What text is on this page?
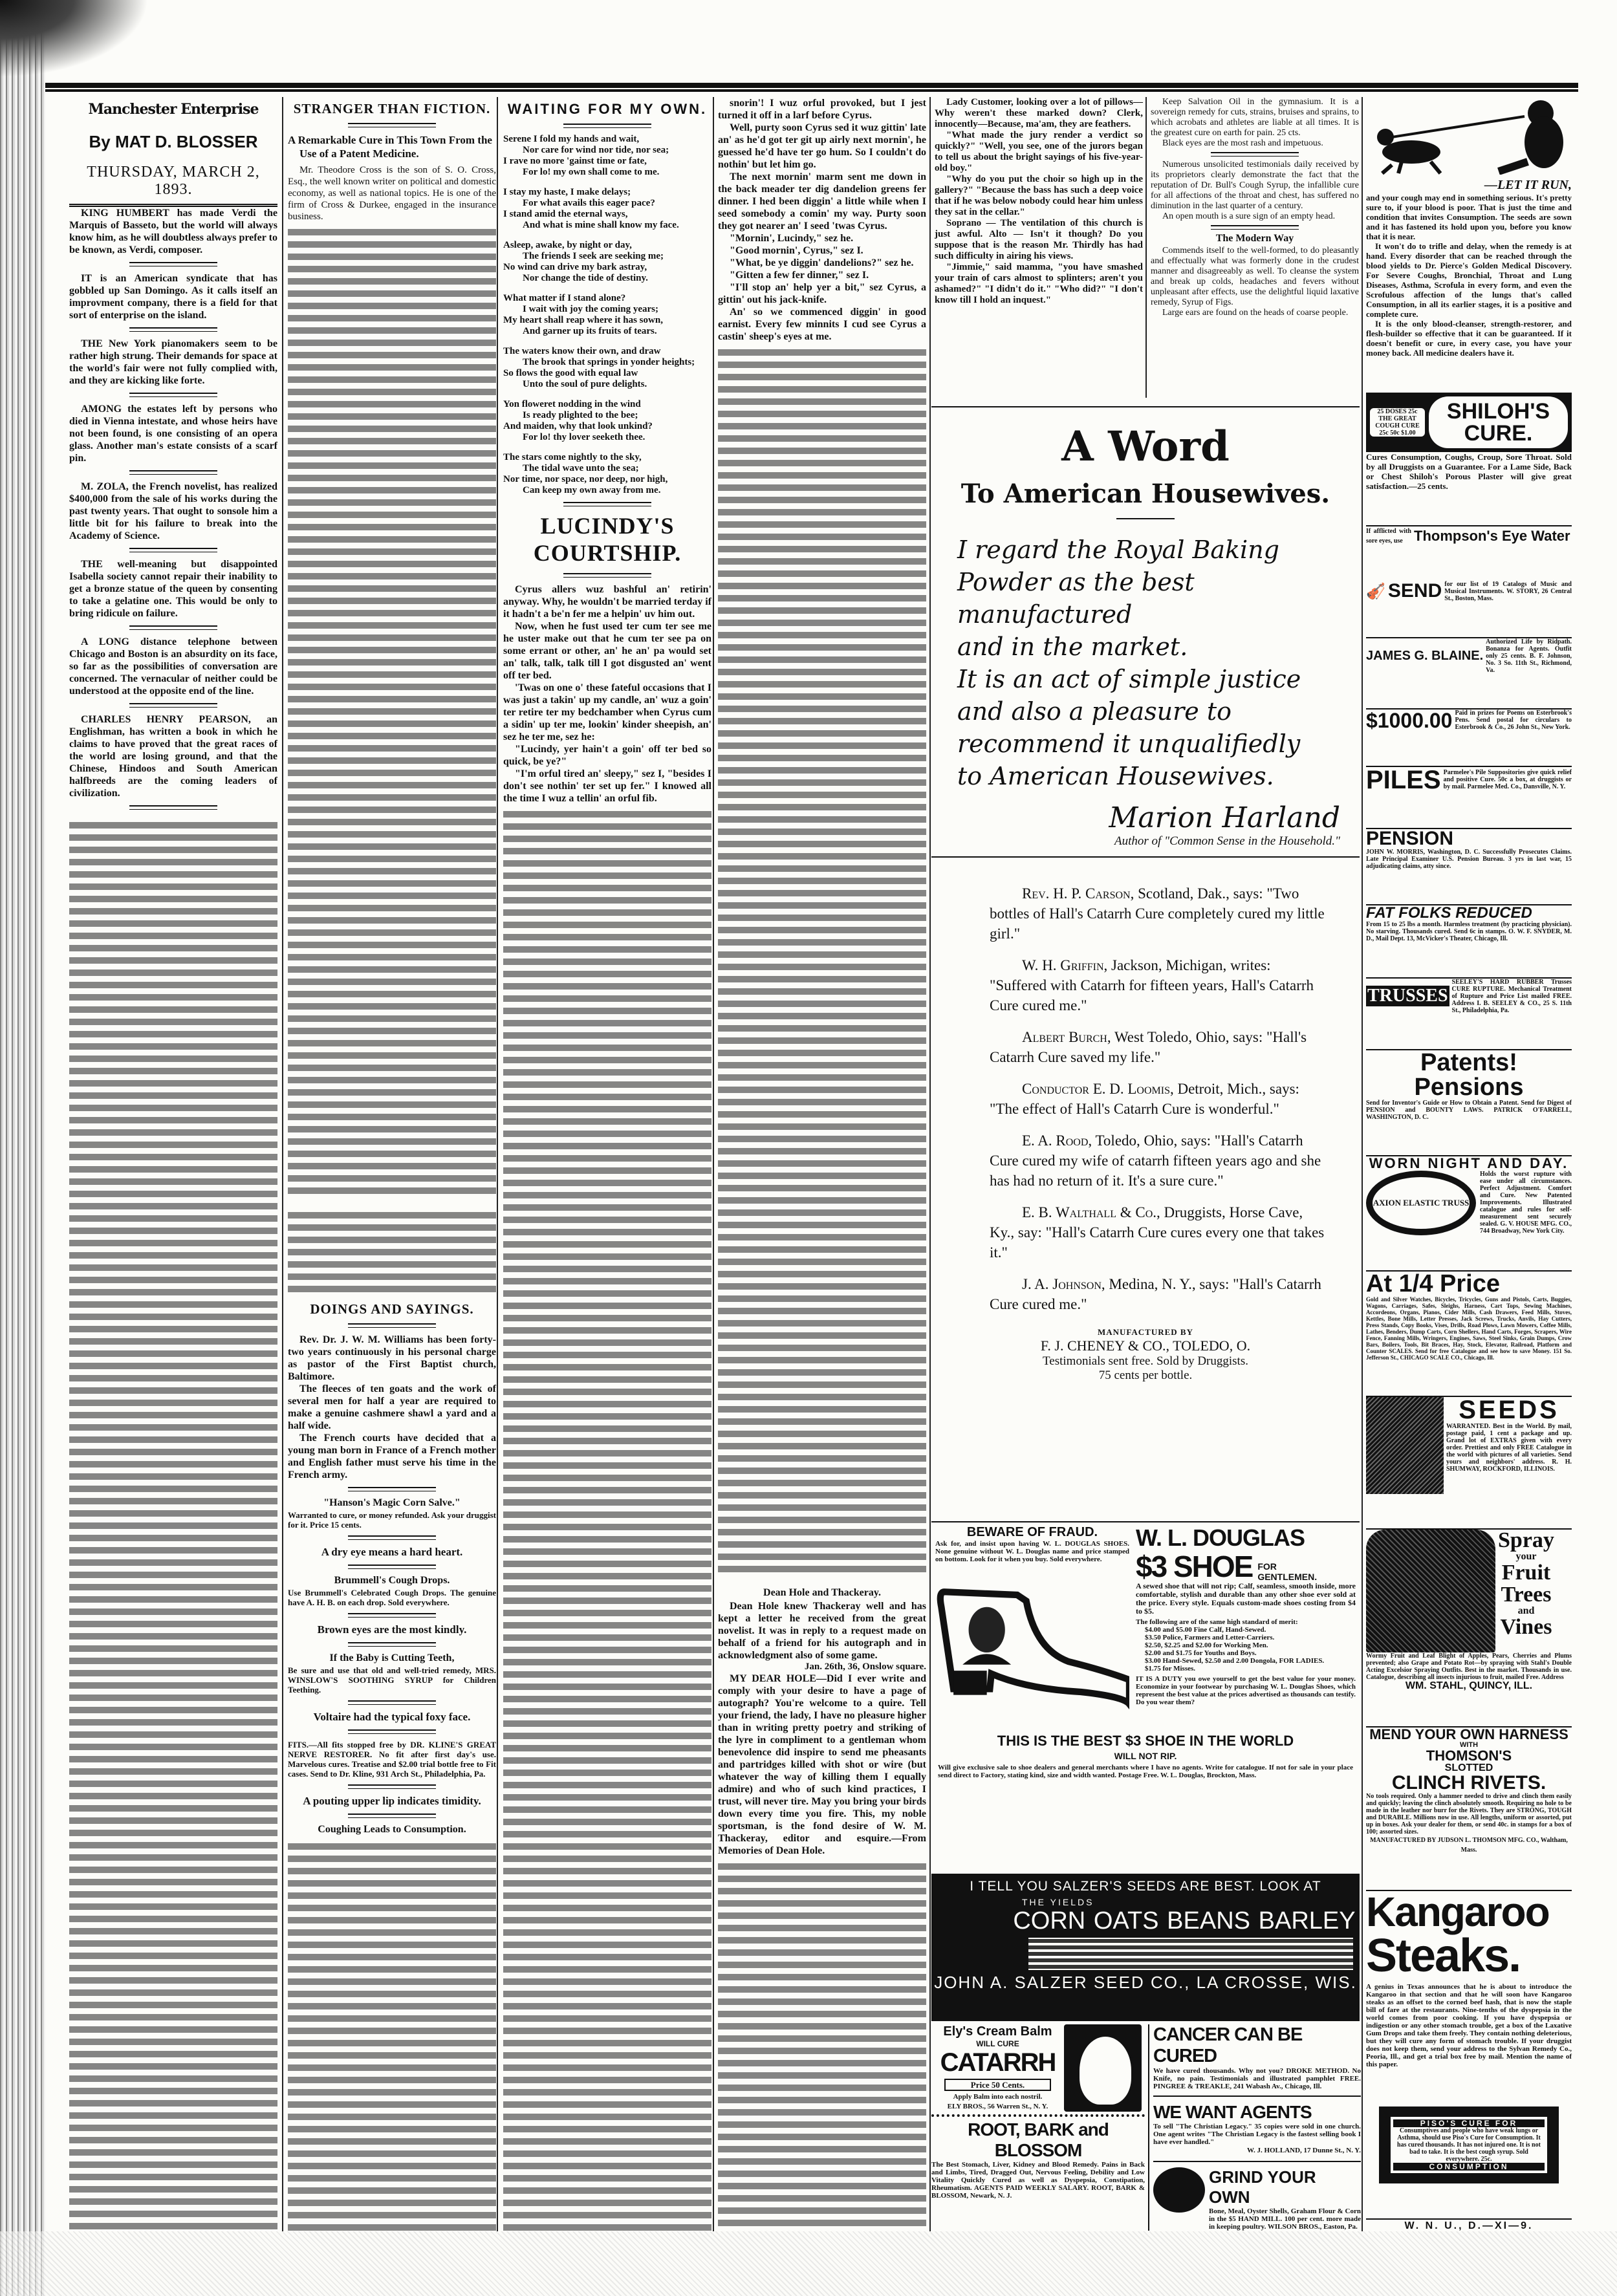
Manchester Enterprise
By MAT D. BLOSSER
THURSDAY, MARCH 2, 1893.
KING HUMBERT has made Verdi the Marquis of Basseto, but the world will always know him, as he will doubtless always prefer to be known, as Verdi, composer.
IT is an American syndicate that has gobbled up San Domingo. As it calls itself an improvment company, there is a field for that sort of enterprise on the island.
THE New York pianomakers seem to be rather high strung. Their demands for space at the world's fair were not fully complied with, and they are kicking like forte.
AMONG the estates left by persons who died in Vienna intestate, and whose heirs have not been found, is one consisting of an opera glass. Another man's estate consists of a scarf pin.
M. ZOLA, the French novelist, has realized $400,000 from the sale of his works during the past twenty years. That ought to sonsole him a little bit for his failure to break into the Academy of Science.
THE well-meaning but disappointed Isabella society cannot repair their inability to get a bronze statue of the queen by consenting to take a gelatine one. This would be only to bring ridicule on failure.
A LONG distance telephone between Chicago and Boston is an absurdity on its face, so far as the possibilities of conversation are concerned. The vernacular of neither could be understood at the opposite end of the line.
CHARLES HENRY PEARSON, an Englishman, has written a book in which he claims to have proved that the great races of the world are losing ground, and that the Chinese, Hindoos and South American halfbreeds are the coming leaders of civilization.
STRANGER THAN FICTION.
A Remarkable Cure in This Town From the Use of a Patent Medicine.
Mr. Theodore Cross is the son of S. O. Cross, Esq., the well known writer on political and domestic economy, as well as national topics. He is one of the firm of Cross & Durkee, engaged in the insurance business.
DOINGS AND SAYINGS.
Rev. Dr. J. W. M. Williams has been forty-two years continuously in his personal charge as pastor of the First Baptist church, Baltimore.
The fleeces of ten goats and the work of several men for half a year are required to make a genuine cashmere shawl a yard and a half wide.
The French courts have decided that a young man born in France of a French mother and English father must serve his time in the French army.
"Hanson's Magic Corn Salve."
Warranted to cure, or money refunded. Ask your druggist for it. Price 15 cents.
A dry eye means a hard heart.
Brummell's Cough Drops.
Use Brummell's Celebrated Cough Drops. The genuine have A. H. B. on each drop. Sold everywhere.
Brown eyes are the most kindly.
If the Baby is Cutting Teeth,
Be sure and use that old and well-tried remedy, MRS. WINSLOW'S SOOTHING SYRUP for Children Teething.
Voltaire had the typical foxy face.
FITS.—All fits stopped free by DR. KLINE'S GREAT NERVE RESTORER. No fit after first day's use. Marvelous cures. Treatise and $2.00 trial bottle free to Fit cases. Send to Dr. Kline, 931 Arch St., Philadelphia, Pa.
A pouting upper lip indicates timidity.
Coughing Leads to Consumption.
WAITING FOR MY OWN.
Serene I fold my hands and wait,
Nor care for wind nor tide, nor sea;
I rave no more 'gainst time or fate,
For lo! my own shall come to me.
I stay my haste, I make delays;
For what avails this eager pace?
I stand amid the eternal ways,
And what is mine shall know my face.
Asleep, awake, by night or day,
The friends I seek are seeking me;
No wind can drive my bark astray,
Nor change the tide of destiny.
What matter if I stand alone?
I wait with joy the coming years;
My heart shall reap where it has sown,
And garner up its fruits of tears.
The waters know their own, and draw
The brook that springs in yonder heights;
So flows the good with equal law
Unto the soul of pure delights.
Yon floweret nodding in the wind
Is ready plighted to the bee;
And maiden, why that look unkind?
For lo! thy lover seeketh thee.
The stars come nightly to the sky,
The tidal wave unto the sea;
Nor time, nor space, nor deep, nor high,
Can keep my own away from me.
LUCINDY'S COURTSHIP.
Cyrus allers wuz bashful an' retirin' anyway. Why, he wouldn't be married terday if it hadn't a be'n fer me a helpin' uv him out.
Now, when he fust used ter cum ter see me he uster make out that he cum ter see pa on some errant or other, an' he an' pa would set an' talk, talk, talk till I got disgusted an' went off ter bed.
'Twas on one o' these fateful occasions that I was just a takin' up my candle, an' wuz a goin' ter retire ter my bedchamber when Cyrus cum a sidin' up ter me, lookin' kinder sheepish, an' sez he ter me, sez he:
"Lucindy, yer hain't a goin' off ter bed so quick, be ye?"
"I'm orful tired an' sleepy," sez I, "besides I don't see nothin' ter set up fer." I knowed all the time I wuz a tellin' an orful fib.
snorin'! I wuz orful provoked, but I jest turned it off in a larf before Cyrus.
Well, purty soon Cyrus sed it wuz gittin' late an' as he'd got ter git up airly next mornin', he guessed he'd have ter go hum. So I couldn't do nothin' but let him go.
The next mornin' marm sent me down in the back meader ter dig dandelion greens fer dinner. I hed been diggin' a little while when I seed somebody a comin' my way. Purty soon they got nearer an' I seed 'twas Cyrus.
"Mornin', Lucindy," sez he.
"Good mornin', Cyrus," sez I.
"What, be ye diggin' dandelions?" sez he.
"Gitten a few fer dinner," sez I.
"I'll stop an' help yer a bit," sez Cyrus, a gittin' out his jack-knife.
An' so we commenced diggin' in good earnist. Every few minnits I cud see Cyrus a castin' sheep's eyes at me.
Dean Hole and Thackeray.
Dean Hole knew Thackeray well and has kept a letter he received from the great novelist. It was in reply to a request made on behalf of a friend for his autograph and in acknowledgment also of some game.
Jan. 26th, 36, Onslow square.
MY DEAR HOLE—Did I ever write and comply with your desire to have a page of autograph? You're welcome to a quire. Tell your friend, the lady, I have no pleasure higher than in writing pretty poetry and striking of the lyre in compliment to a gentleman whom benevolence did inspire to send me pheasants and partridges killed with shot or wire (but whatever the way of killing them I equally admire) and who of such kind practices, I trust, will never tire. May you bring your birds down every time you fire. This, my noble sportsman, is the fond desire of W. M. Thackeray, editor and esquire.—From Memories of Dean Hole.
Lady Customer, looking over a lot of pillows—Why weren't these marked down? Clerk, innocently—Because, ma'am, they are feathers.
"What made the jury render a verdict so quickly?" "Well, you see, one of the jurors began to tell us about the bright sayings of his five-year-old boy."
"Why do you put the choir so high up in the gallery?" "Because the bass has such a deep voice that if he was below nobody could hear him unless they sat in the cellar."
Soprano — The ventilation of this church is just awful. Alto — Isn't it though? Do you suppose that is the reason Mr. Thirdly has had such difficulty in airing his views.
"Jimmie," said mamma, "you have smashed your train of cars almost to splinters; aren't you ashamed?" "I didn't do it." "Who did?" "I don't know till I hold an inquest."
Keep Salvation Oil in the gymnasium. It is a sovereign remedy for cuts, strains, bruises and sprains, to which acrobats and athletes are liable at all times. It is the greatest cure on earth for pain. 25 cts.
Black eyes are the most rash and impetuous.
Numerous unsolicited testimonials daily received by its proprietors clearly demonstrate the fact that the reputation of Dr. Bull's Cough Syrup, the infallible cure for all affections of the throat and chest, has suffered no diminution in the last quarter of a century.
An open mouth is a sure sign of an empty head.
The Modern Way
Commends itself to the well-formed, to do pleasantly and effectually what was formerly done in the crudest manner and disagreeably as well. To cleanse the system and break up colds, headaches and fevers without unpleasant after effects, use the delightful liquid laxative remedy, Syrup of Figs.
Large ears are found on the heads of coarse people.
A Word
To American Housewives.
I regard the Royal Baking
Powder as the best manufactured
and in the market.
It is an act of simple justice
and also a pleasure to
recommend it unqualifiedly
to American Housewives.
Marion Harland
Author of "Common Sense in the Household."
Rev. H. P. Carson, Scotland, Dak., says: "Two bottles of Hall's Catarrh Cure completely cured my little girl."
W. H. Griffin, Jackson, Michigan, writes: "Suffered with Catarrh for fifteen years, Hall's Catarrh Cure cured me."
Albert Burch, West Toledo, Ohio, says: "Hall's Catarrh Cure saved my life."
Conductor E. D. Loomis, Detroit, Mich., says: "The effect of Hall's Catarrh Cure is wonderful."
E. A. Rood, Toledo, Ohio, says: "Hall's Catarrh Cure cured my wife of catarrh fifteen years ago and she has had no return of it. It's a sure cure."
E. B. Walthall & Co., Druggists, Horse Cave, Ky., say: "Hall's Catarrh Cure cures every one that takes it."
J. A. Johnson, Medina, N. Y., says: "Hall's Catarrh Cure cured me."
MANUFACTURED BY
F. J. CHENEY & CO., TOLEDO, O.
Testimonials sent free. Sold by Druggists.
75 cents per bottle.
BEWARE OF FRAUD.
Ask for, and insist upon having W. L. DOUGLAS SHOES. None genuine without W. L. Douglas name and price stamped on bottom. Look for it when you buy. Sold everywhere.
W. L. DOUGLAS
$3 SHOE FOR GENTLEMEN.
A sewed shoe that will not rip; Calf, seamless, smooth inside, more comfortable, stylish and durable than any other shoe ever sold at the price. Every style. Equals custom-made shoes costing from $4 to $5.
The following are of the same high standard of merit:
$4.00 and $5.00 Fine Calf, Hand-Sewed.
$3.50 Police, Farmers and Letter-Carriers.
$2.50, $2.25 and $2.00 for Working Men.
$2.00 and $1.75 for Youths and Boys.
$3.00 Hand-Sewed, $2.50 and 2.00 Dongola, FOR LADIES.
$1.75 for Misses.
IT IS A DUTY you owe yourself to get the best value for your money. Economize in your footwear by purchasing W. L. Douglas Shoes, which represent the best value at the prices advertised as thousands can testify. Do you wear them?
THIS IS THE BEST $3 SHOE IN THE WORLD
WILL NOT RIP.
Will give exclusive sale to shoe dealers and general merchants where I have no agents. Write for catalogue. If not for sale in your place send direct to Factory, stating kind, size and width wanted. Postage Free. W. L. Douglas, Brockton, Mass.
I TELL YOU SALZER'S SEEDS ARE BEST. LOOK AT
THE YIELDS
CORN OATS BEANS BARLEY
JOHN A. SALZER SEED CO., LA CROSSE, WIS.
Ely's Cream Balm
WILL CURE
CATARRH
Price 50 Cents.
Apply Balm into each nostril.
ELY BROS., 56 Warren St., N. Y.
ROOT, BARK and BLOSSOM
The Best Stomach, Liver, Kidney and Blood Remedy. Pains in Back and Limbs, Tired, Dragged Out, Nervous Feeling, Debility and Low Vitality Quickly Cured as well as Dyspepsia, Constipation, Rheumatism. AGENTS PAID WEEKLY SALARY. ROOT, BARK & BLOSSOM, Newark, N. J.
CANCER CAN BE CURED
We have cured thousands. Why not you? DROKE METHOD. No Knife, no pain. Testimonials and illustrated pamphlet FREE. PINGREE & TREAKLE, 241 Wabash Av., Chicago, Ill.
WE WANT AGENTS
To sell "The Christian Legacy." 35 copies were sold in one church. One agent writes "The Christian Legacy is the fastest selling book I have ever handled."
W. J. HOLLAND, 17 Dunne St., N. Y.
GRIND YOUR OWN
Bone, Meal, Oyster Shells, Graham Flour & Corn in the $5 HAND MILL. 100 per cent. more made in keeping poultry. WILSON BROS., Easton, Pa.
—LET IT RUN,
and your cough may end in something serious. It's pretty sure to, if your blood is poor. That is just the time and condition that invites Consumption. The seeds are sown and it has fastened its hold upon you, before you know that it is near.
It won't do to trifle and delay, when the remedy is at hand. Every disorder that can be reached through the blood yields to Dr. Pierce's Golden Medical Discovery. For Severe Coughs, Bronchial, Throat and Lung Diseases, Asthma, Scrofula in every form, and even the Scrofulous affection of the lungs that's called Consumption, in all its earlier stages, it is a positive and complete cure.
It is the only blood-cleanser, strength-restorer, and flesh-builder so effective that it can be guaranteed. If it doesn't benefit or cure, in every case, you have your money back. All medicine dealers have it.
25 DOSES 25c THE GREAT COUGH CURE 25c 50c $1.00
SHILOH'S CURE.
Cures Consumption, Coughs, Croup, Sore Throat. Sold by all Druggists on a Guarantee. For a Lame Side, Back or Chest Shiloh's Porous Plaster will give great satisfaction.—25 cents.
If afflicted with sore eyes, use Thompson's Eye Water
🎻 SEND for our list of 19 Catalogs of Music and Musical Instruments. W. STORY, 26 Central St., Boston, Mass.
JAMES G. BLAINE.
Authorized Life by Ridpath. Bonanza for Agents. Outfit only 25 cents. B. F. Johnson, No. 3 So. 11th St., Richmond, Va.
$1000.00 Paid in prizes for Poems on Esterbrook's Pens. Send postal for circulars to Esterbrook & Co., 26 John St., New York.
PILES Parmelee's Pile Suppositories give quick relief and positive Cure. 50c a box, at druggists or by mail. Parmelee Med. Co., Dansville, N. Y.
PENSION
JOHN W. MORRIS, Washington, D. C. Successfully Prosecutes Claims. Late Principal Examiner U.S. Pension Bureau. 3 yrs in last war, 15 adjudicating claims, atty since.
FAT FOLKS REDUCED
From 15 to 25 lbs a month. Harmless treatment (by practicing physician). No starving. Thousands cured. Send 6c in stamps. O. W. F. SNYDER, M. D., Mail Dept. 13, McVicker's Theater, Chicago, Ill.
TRUSSES
SEELEY'S HARD RUBBER Trusses CURE RUPTURE. Mechanical Treatment of Rupture and Price List mailed FREE. Address I. B. SEELEY & CO., 25 S. 11th St., Philadelphia, Pa.
Patents! Pensions
Send for Inventor's Guide or How to Obtain a Patent. Send for Digest of PENSION and BOUNTY LAWS. PATRICK O'FARRELL, WASHINGTON, D. C.
WORN NIGHT AND DAY.
AXION ELASTIC TRUSS
Holds the worst rupture with ease under all circumstances. Perfect Adjustment. Comfort and Cure. New Patented Improvements. Illustrated catalogue and rules for self-measurement sent securely sealed. G. V. HOUSE MFG. CO., 744 Broadway, New York City.
At 1/4 Price
Gold and Silver Watches, Bicycles, Tricycles, Guns and Pistols, Carts, Buggies, Wagons, Carriages, Safes, Sleighs, Harness, Cart Tops, Sewing Machines, Accordeons, Organs, Pianos, Cider Mills, Cash Drawers, Feed Mills, Stoves, Kettles, Bone Mills, Letter Presses, Jack Screws, Trucks, Anvils, Hay Cutters, Press Stands, Copy Books, Vises, Drills, Road Plows, Lawn Mowers, Coffee Mills, Lathes, Benders, Dump Carts, Corn Shellers, Hand Carts, Forges, Scrapers, Wire Fence, Fanning Mills, Wringers, Engines, Saws, Steel Sinks, Grain Dumps, Crow Bars, Boilers, Tools, Bit Braces, Hay, Stock, Elevator, Railroad, Platform and Counter SCALES. Send for free Catalogue and see how to save Money. 151 So. Jefferson St., CHICAGO SCALE CO., Chicago, Ill.
SEEDS
WARRANTED. Best in the World. By mail, postage paid, 1 cent a package and up. Grand lot of EXTRAS given with every order. Prettiest and only FREE Catalogue in the world with pictures of all varieties. Send yours and neighbors' address. R. H. SHUMWAY, ROCKFORD, ILLINOIS.
Spray
your
Fruit
Trees
and
Vines
Wormy Fruit and Leaf Blight of Apples, Pears, Cherries and Plums prevented; also Grape and Potato Rot—by spraying with Stahl's Double Acting Excelsior Spraying Outfits. Best in the market. Thousands in use. Catalogue, describing all insects injurious to fruit, mailed Free. Address
WM. STAHL, QUINCY, ILL.
MEND YOUR OWN HARNESS
WITH
THOMSON'S
SLOTTED
CLINCH RIVETS.
No tools required. Only a hammer needed to drive and clinch them easily and quickly; leaving the clinch absolutely smooth. Requiring no hole to be made in the leather nor burr for the Rivets. They are STRONG, TOUGH and DURABLE. Millions now in use. All lengths, uniform or assorted, put up in boxes. Ask your dealer for them, or send 40c. in stamps for a box of 100; assorted sizes.
MANUFACTURED BY JUDSON L. THOMSON MFG. CO., Waltham, Mass.
Kangaroo
Steaks.
A genius in Texas announces that he is about to introduce the Kangaroo in that section and that he will soon have Kangaroo steaks as an offset to the corned beef hash, that is now the staple bill of fare at the restaurants. Nine-tenths of the dyspepsia in the world comes from poor cooking. If you have dyspepsia or indigestion or any other stomach trouble, get a box of the Laxative Gum Drops and take them freely. They contain nothing deleterious, but they will cure any form of stomach trouble. If your druggist does not keep them, send your address to the Sylvan Remedy Co., Peoria, Ill., and get a trial box free by mail. Mention the name of this paper.
PISO'S CURE FOR
Consumptives and people who have weak lungs or Asthma, should use Piso's Cure for Consumption. It has cured thousands. It has not injured one. It is not bad to take. It is the best cough syrup. Sold everywhere. 25c.
CONSUMPTION
W. N. U., D.—XI—9.
